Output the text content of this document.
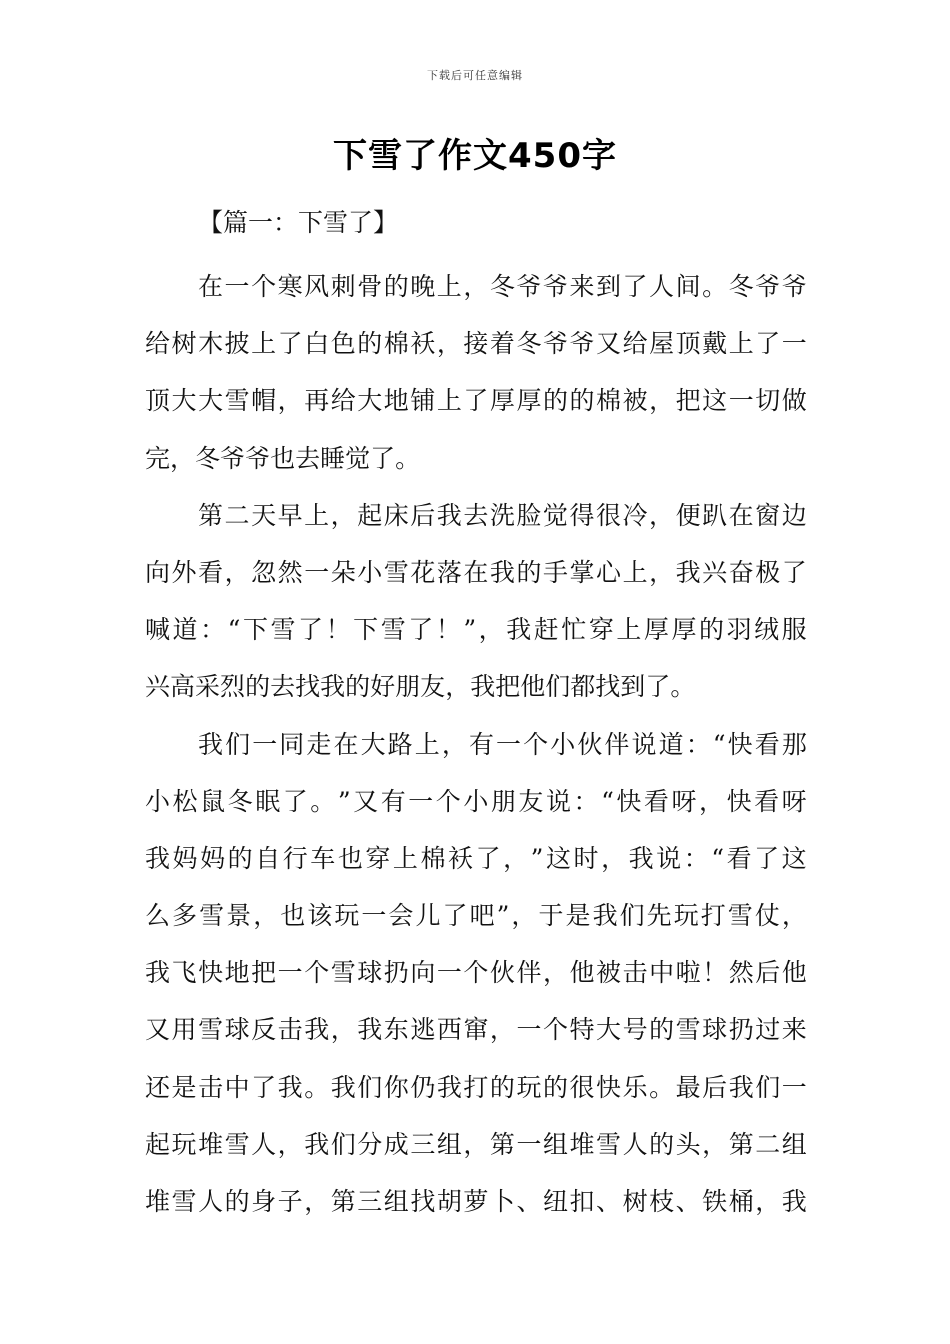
下载后可任意编辑
下雪了作文450字
【篇一：下雪了】
在 一 个 寒 风 刺 骨 的 晚 上 ， 冬 爷 爷 来 到 了 人 间 。 冬 爷 爷
给 树 木 披 上 了 白 色 的 棉 袄 ， 接 着 冬 爷 爷 又 给 屋 顶 戴 上 了 一
顶 大 大 雪 帽 ， 再 给 大 地 铺 上 了 厚 厚 的 的 棉 被 ， 把 这 一 切 做
完 ， 冬 爷 爷 也 去 睡 觉 了 。
第 二 天 早 上 ， 起 床 后 我 去 洗 脸 觉 得 很 冷 ， 便 趴 在 窗 边
向 外 看 ， 忽 然 一 朵 小 雪 花 落 在 我 的 手 掌 心 上 ， 我 兴 奋 极 了
喊 道 ： “ 下 雪 了 ！ 下 雪 了 ！ ” ， 我 赶 忙 穿 上 厚 厚 的 羽 绒 服
兴 高 采 烈 的 去 找 我 的 好 朋 友 ， 我 把 他 们 都 找 到 了 。
我 们 一 同 走 在 大 路 上 ， 有 一 个 小 伙 伴 说 道 ： “ 快 看 那
小 松 鼠 冬 眠 了 。 ” 又 有 一 个 小 朋 友 说 ： “ 快 看 呀 ， 快 看 呀
我 妈 妈 的 自 行 车 也 穿 上 棉 袄 了 ， ” 这 时 ， 我 说 ： “ 看 了 这
么 多 雪 景 ， 也 该 玩 一 会 儿 了 吧 ” ， 于 是 我 们 先 玩 打 雪 仗 ，
我 飞 快 地 把 一 个 雪 球 扔 向 一 个 伙 伴 ， 他 被 击 中 啦 ！ 然 后 他
又 用 雪 球 反 击 我 ， 我 东 逃 西 窜 ， 一 个 特 大 号 的 雪 球 扔 过 来
还 是 击 中 了 我 。 我 们 你 仍 我 打 的 玩 的 很 快 乐 。 最 后 我 们 一
起 玩 堆 雪 人 ， 我 们 分 成 三 组 ， 第 一 组 堆 雪 人 的 头 ， 第 二 组
堆 雪 人 的 身 子 ， 第 三 组 找 胡 萝 卜 、 纽 扣 、 树 枝 、 铁 桶 ， 我
